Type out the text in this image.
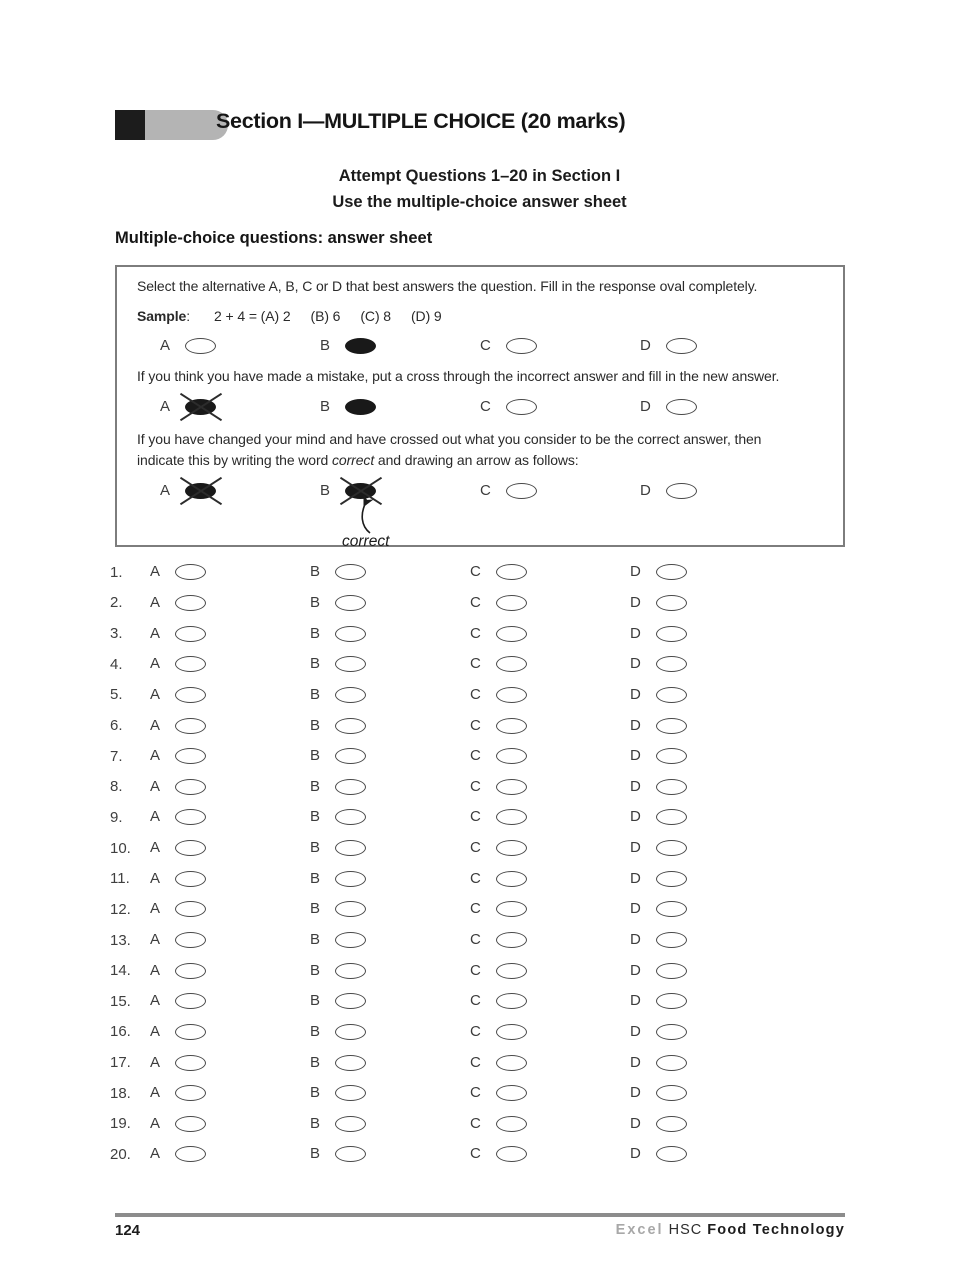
Section I—MULTIPLE CHOICE (20 marks)
Attempt Questions 1–20 in Section I
Use the multiple-choice answer sheet
Multiple-choice questions: answer sheet

Select the alternative A, B, C or D that best answers the question. Fill in the response oval completely.

Sample: 2 + 4 = (A) 2 (B) 6 (C) 8 (D) 9

A	B	C	D

If you think you have made a mistake, put a cross through the incorrect answer and fill in the new answer.

A	B	C	D

If you have changed your mind and have crossed out what you consider to be the correct answer, then indicate this by writing the word correct and drawing an arrow as follows:

A	B
correct
C	D
1.	A	B	C	D
2.	A	B	C	D
3.	A	B	C	D
4.	A	B	C	D
5.	A	B	C	D
6.	A	B	C	D
7.	A	B	C	D
8.	A	B	C	D
9.	A	B	C	D
10.	A	B	C	D
11.	A	B	C	D
12.	A	B	C	D
13.	A	B	C	D
14.	A	B	C	D
15.	A	B	C	D
16.	A	B	C	D
17.	A	B	C	D
18.	A	B	C	D
19.	A	B	C	D
20.	A	B	C	D
124	Excel HSC Food Technology
